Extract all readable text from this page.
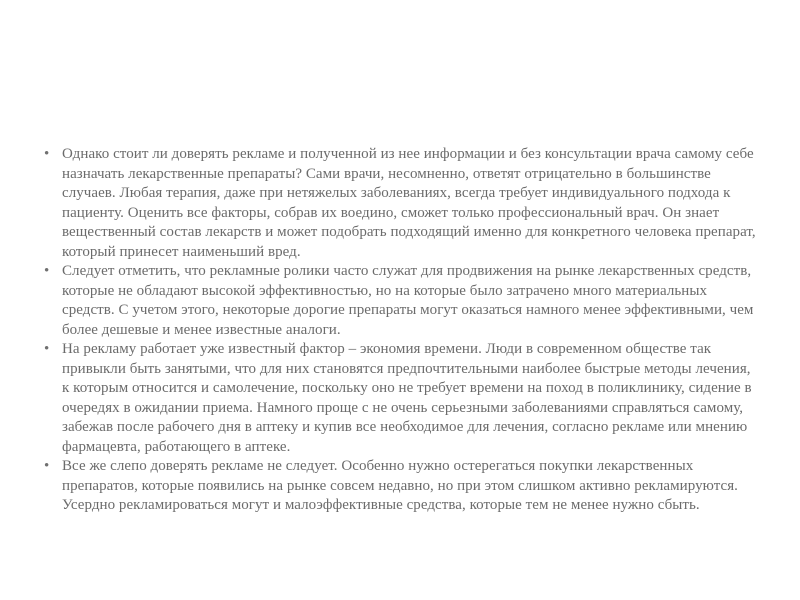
• Однако стоит ли доверять рекламе и полученной из нее информации и без консультации врача самому себе назначать лекарственные препараты? Сами врачи, несомненно, ответят отрицательно в большинстве случаев. Любая терапия, даже при нетяжелых заболеваниях, всегда требует индивидуального подхода к пациенту. Оценить все факторы, собрав их воедино, сможет только профессиональный врач. Он знает вещественный состав лекарств и может подобрать подходящий именно для конкретного человека препарат, который принесет наименьший вред.
• Следует отметить, что рекламные ролики часто служат для продвижения на рынке лекарственных средств, которые не обладают высокой эффективностью, но на которые было затрачено много материальных средств. С учетом этого, некоторые дорогие препараты могут оказаться намного менее эффективными, чем более дешевые и менее известные аналоги.
• На рекламу работает уже известный фактор – экономия времени. Люди в современном обществе так привыкли быть занятыми, что для них становятся предпочтительными наиболее быстрые методы лечения, к которым относится и самолечение, поскольку оно не требует времени на поход в поликлинику, сидение в очередях в ожидании приема. Намного проще с не очень серьезными заболеваниями справляться самому, забежав после рабочего дня в аптеку и купив все необходимое для лечения, согласно рекламе или мнению фармацевта, работающего в аптеке.
• Все же слепо доверять рекламе не следует. Особенно нужно остерегаться покупки лекарственных препаратов, которые появились на рынке совсем недавно, но при этом слишком активно рекламируются. Усердно рекламироваться могут и малоэффективные средства, которые тем не менее нужно сбыть.
